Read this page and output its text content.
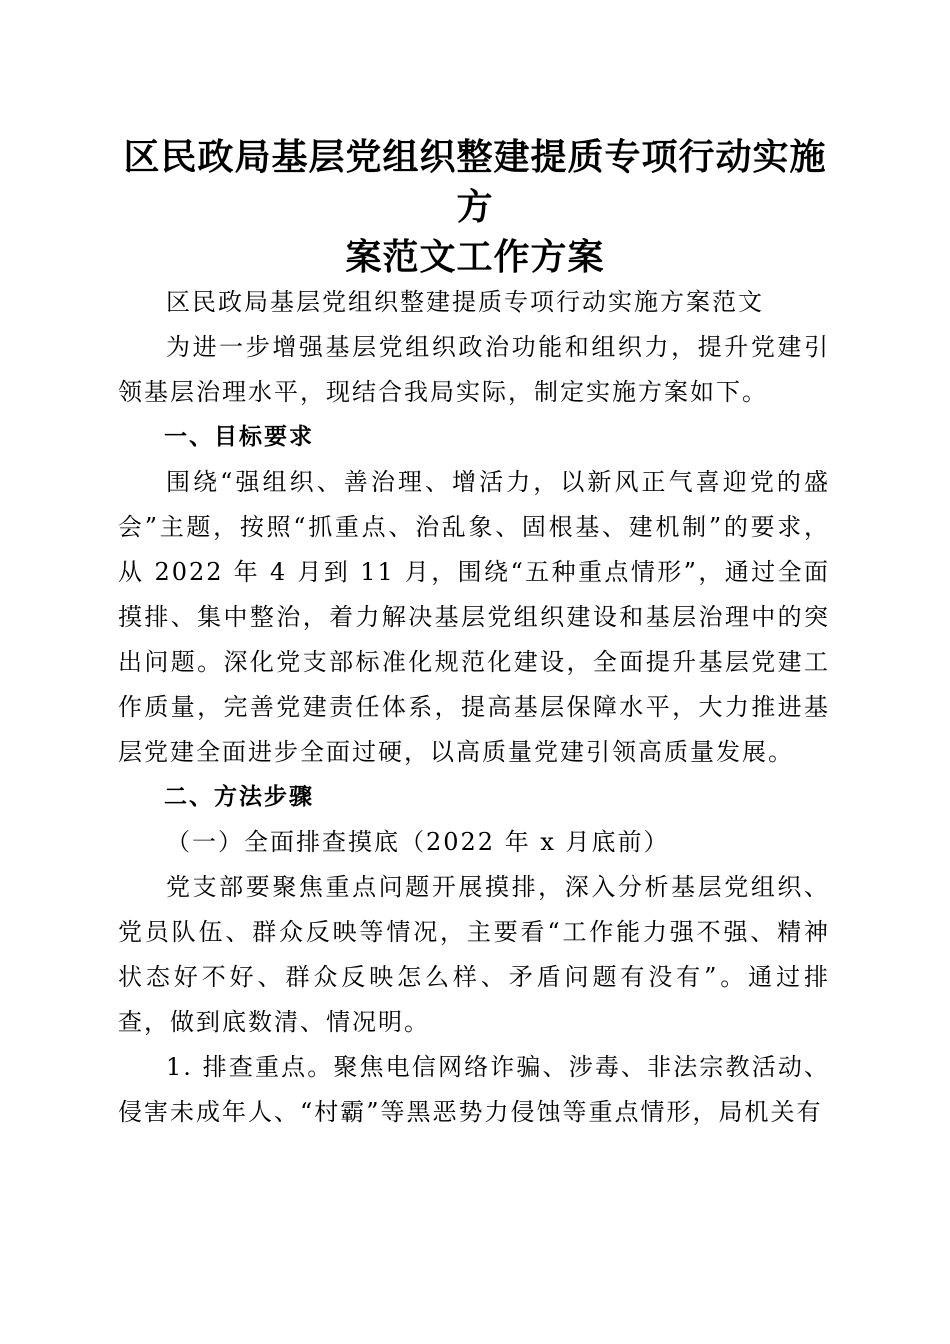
区民政局基层党组织整建提质专项行动实施方
案范文工作方案

区民政局基层党组织整建提质专项行动实施方案范文

为进一步增强基层党组织政治功能和组织力，提升党建引领基层治理水平，现结合我局实际，制定实施方案如下。

一、目标要求

围绕“强组织、善治理、增活力，以新风正气喜迎党的盛会”主题，按照“抓重点、治乱象、固根基、建机制”的要求，从 2022 年 4 月到 11 月，围绕“五种重点情形”，通过全面摸排、集中整治，着力解决基层党组织建设和基层治理中的突出问题。深化党支部标准化规范化建设，全面提升基层党建工作质量，完善党建责任体系，提高基层保障水平，大力推进基层党建全面进步全面过硬，以高质量党建引领高质量发展。

二、方法步骤

（一）全面排查摸底（2022 年 x 月底前）

党支部要聚焦重点问题开展摸排，深入分析基层党组织、党员队伍、群众反映等情况，主要看“工作能力强不强、精神状态好不好、群众反映怎么样、矛盾问题有没有”。通过排查，做到底数清、情况明。

1. 排查重点。聚焦电信网络诈骗、涉毒、非法宗教活动、侵害未成年人、“村霸”等黑恶势力侵蚀等重点情形，局机关有
